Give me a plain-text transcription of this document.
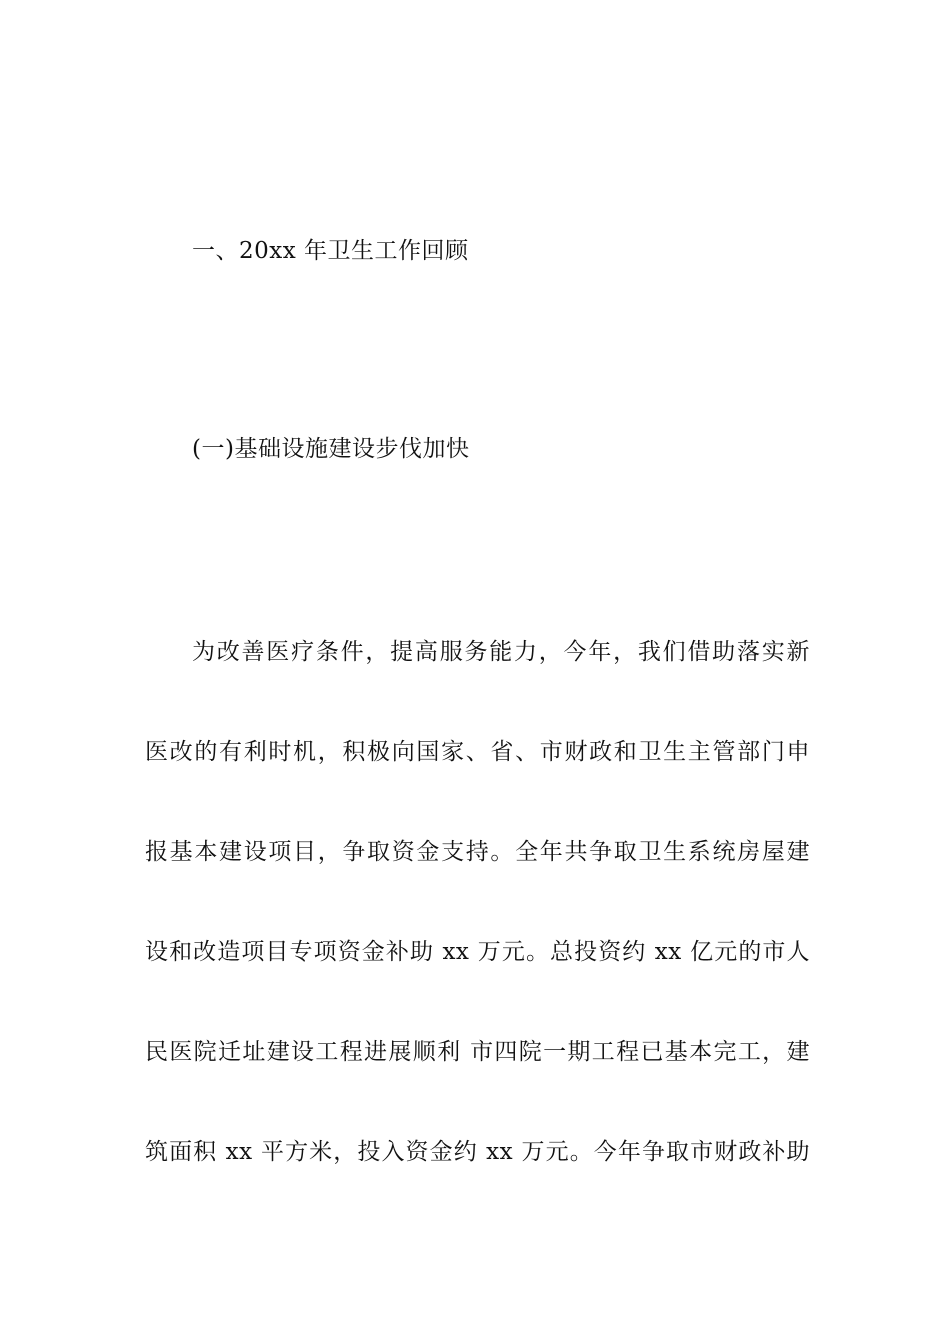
一、20xx 年卫生工作回顾
(一)基础设施建设步伐加快
为改善医疗条件，提高服务能力，今年，我们借助落实新
医改的有利时机，积极向国家、省、市财政和卫生主管部门申
报基本建设项目，争取资金支持。全年共争取卫生系统房屋建
设和改造项目专项资金补助 xx 万元。总投资约 xx 亿元的市人
民医院迁址建设工程进展顺利 市四院一期工程已基本完工，建
筑面积 xx 平方米，投入资金约 xx 万元。今年争取市财政补助
